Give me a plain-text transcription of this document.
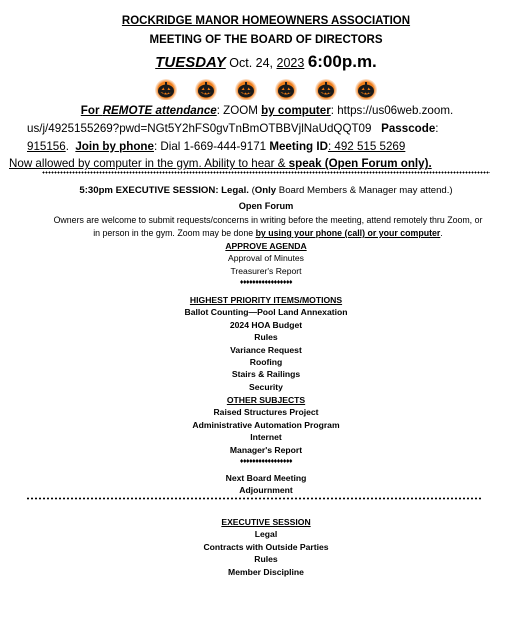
ROCKRIDGE MANOR HOMEOWNERS ASSOCIATION
MEETING OF THE BOARD OF DIRECTORS
TUESDAY Oct. 24, 2023 6:00p.m.
For REMOTE attendance: ZOOM by computer: https://us06web.zoom.
us/j/4925155269?pwd=NGt5Y2hFS0gvTnBmOTBBVjlNaUdQQT09 Passcode:
915156.  Join by phone: Dial 1-669-444-9171 Meeting ID: 492 515 5269
Now allowed by computer in the gym. Ability to hear & speak (Open Forum only).
5:30pm EXECUTIVE SESSION: Legal. (Only Board Members & Manager may attend.)
Open Forum
Owners are welcome to submit requests/concerns in writing before the meeting, attend remotely thru Zoom, or in person in the gym. Zoom may be done by using your phone (call) or your computer.
APPROVE AGENDA
Approval of Minutes
Treasurer's Report
♦♦♦♦♦♦♦♦♦♦♦♦♦♦♦♦♦
HIGHEST PRIORITY ITEMS/MOTIONS
Ballot Counting—Pool Land Annexation
2024 HOA Budget
Rules
Variance Request
Roofing
Stairs & Railings
Security
OTHER SUBJECTS
Raised Structures Project
Administrative Automation Program
Internet
Manager's Report
♦♦♦♦♦♦♦♦♦♦♦♦♦♦♦♦♦
Next Board Meeting
Adjournment
EXECUTIVE SESSION
Legal
Contracts with Outside Parties
Rules
Member Discipline
